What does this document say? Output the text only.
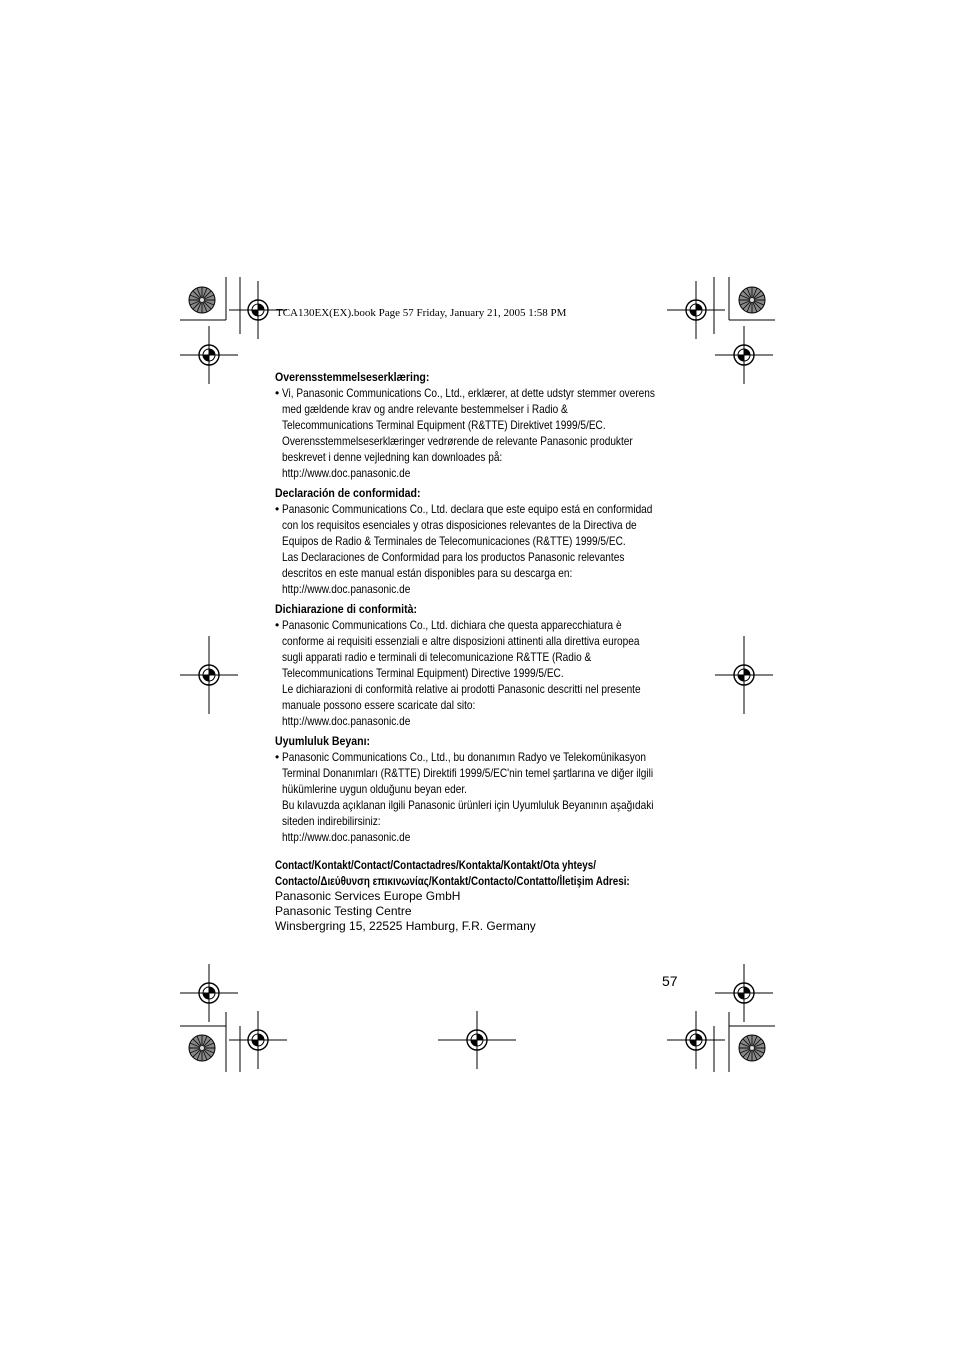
TCA130EX(EX).book Page 57 Friday, January 21, 2005 1:58 PM
Overensstemmelseserklæring:
• Vi, Panasonic Communications Co., Ltd., erklærer, at dette udstyr stemmer overens
med gældende krav og andre relevante bestemmelser i Radio &
Telecommunications Terminal Equipment (R&TTE) Direktivet 1999/5/EC.
Overensstemmelseserklæringer vedrørende de relevante Panasonic produkter
beskrevet i denne vejledning kan downloades på:
http://www.doc.panasonic.de
Declaración de conformidad:
• Panasonic Communications Co., Ltd. declara que este equipo está en conformidad
con los requisitos esenciales y otras disposiciones relevantes de la Directiva de
Equipos de Radio & Terminales de Telecomunicaciones (R&TTE) 1999/5/EC.
Las Declaraciones de Conformidad para los productos Panasonic relevantes
descritos en este manual están disponibles para su descarga en:
http://www.doc.panasonic.de
Dichiarazione di conformità:
• Panasonic Communications Co., Ltd. dichiara che questa apparecchiatura è
conforme ai requisiti essenziali e altre disposizioni attinenti alla direttiva europea
sugli apparati radio e terminali di telecomunicazione R&TTE (Radio &
Telecommunications Terminal Equipment) Directive 1999/5/EC.
Le dichiarazioni di conformità relative ai prodotti Panasonic descritti nel presente
manuale possono essere scaricate dal sito:
http://www.doc.panasonic.de
Uyumluluk Beyanı:
• Panasonic Communications Co., Ltd., bu donanımın Radyo ve Telekomünikasyon
Terminal Donanımları (R&TTE) Direktifi 1999/5/EC'nin temel şartlarına ve diğer ilgili
hükümlerine uygun olduğunu beyan eder.
Bu kılavuzda açıklanan ilgili Panasonic ürünleri için Uyumluluk Beyanının aşağıdaki
siteden indirebilirsiniz:
http://www.doc.panasonic.de
Contact/Kontakt/Contact/Contactadres/Kontakta/Kontakt/Ota yhteys/
Contacto/Διεύθυνση επικινωνίας/Kontakt/Contacto/Contatto/İletişim Adresi:
Panasonic Services Europe GmbH
Panasonic Testing Centre
Winsbergring 15, 22525 Hamburg, F.R. Germany
57
